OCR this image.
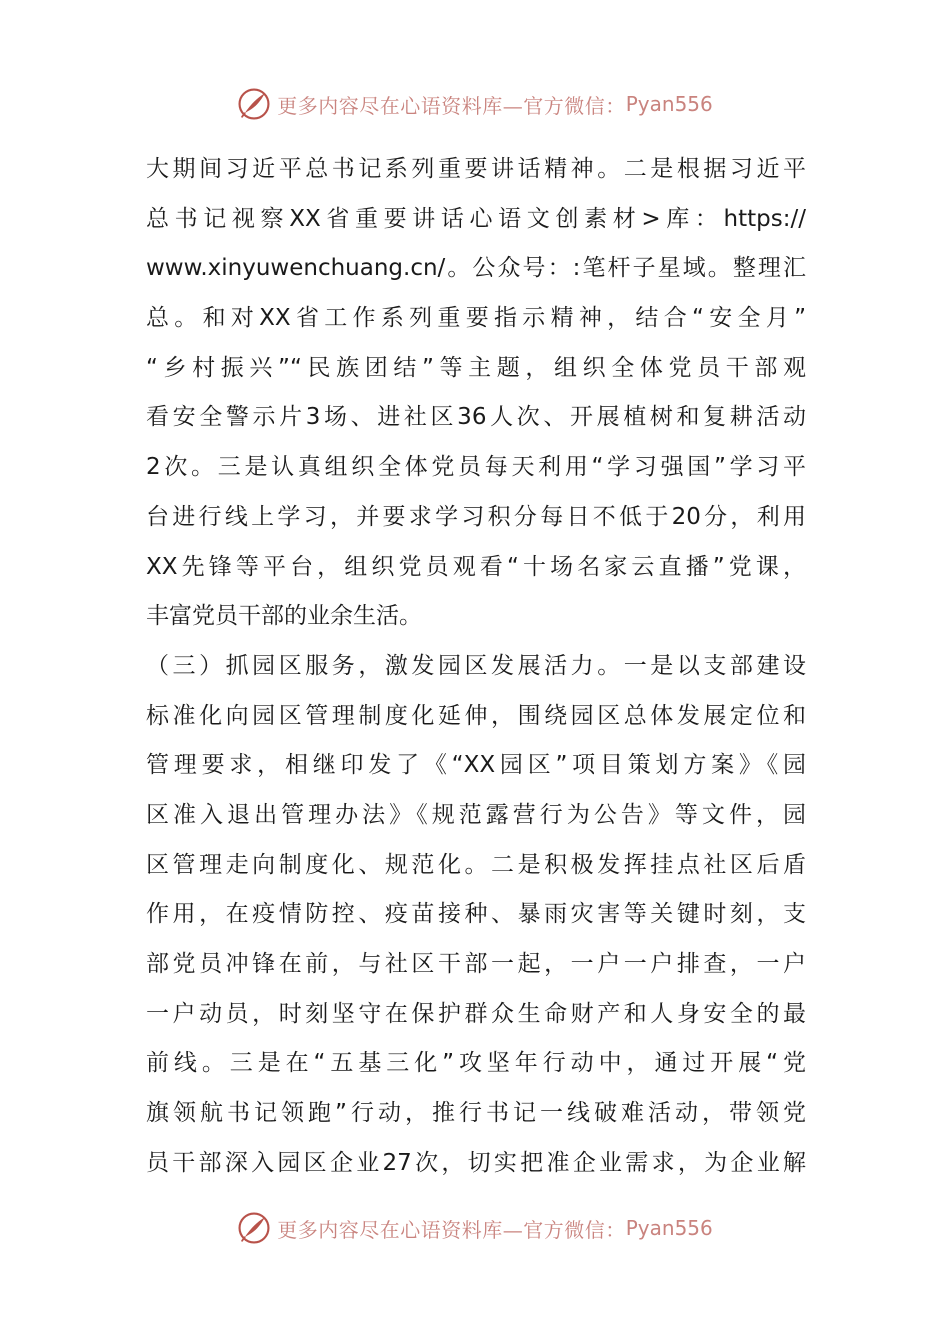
更多内容尽在心语资料库—官方微信： Pyan556
大期间习近平总书记系列重要讲话精神。二是根据习近平
总书记视察XX省重要讲话心语文创素材>库：https://
www.xinyuwenchuang.cn/。公众号：:笔杆子星域。整理汇
总。和对XX省工作系列重要指示精神，结合“安全月”
“乡村振兴”“民族团结”等主题，组织全体党员干部观
看安全警示片3场、进社区36人次、开展植树和复耕活动
2次。三是认真组织全体党员每天利用“学习强国”学习平
台进行线上学习，并要求学习积分每日不低于20分，利用
XX先锋等平台，组织党员观看“十场名家云直播”党课，
丰富党员干部的业余生活。
（三）抓园区服务，激发园区发展活力。一是以支部建设
标准化向园区管理制度化延伸，围绕园区总体发展定位和
管理要求，相继印发了《“XX园区”项目策划方案》《园
区准入退出管理办法》《规范露营行为公告》等文件，园
区管理走向制度化、规范化。二是积极发挥挂点社区后盾
作用，在疫情防控、疫苗接种、暴雨灾害等关键时刻，支
部党员冲锋在前，与社区干部一起，一户一户排查，一户
一户动员，时刻坚守在保护群众生命财产和人身安全的最
前线。三是在“五基三化”攻坚年行动中，通过开展“党
旗领航书记领跑”行动，推行书记一线破难活动，带领党
员干部深入园区企业27次，切实把准企业需求，为企业解
更多内容尽在心语资料库—官方微信： Pyan556
